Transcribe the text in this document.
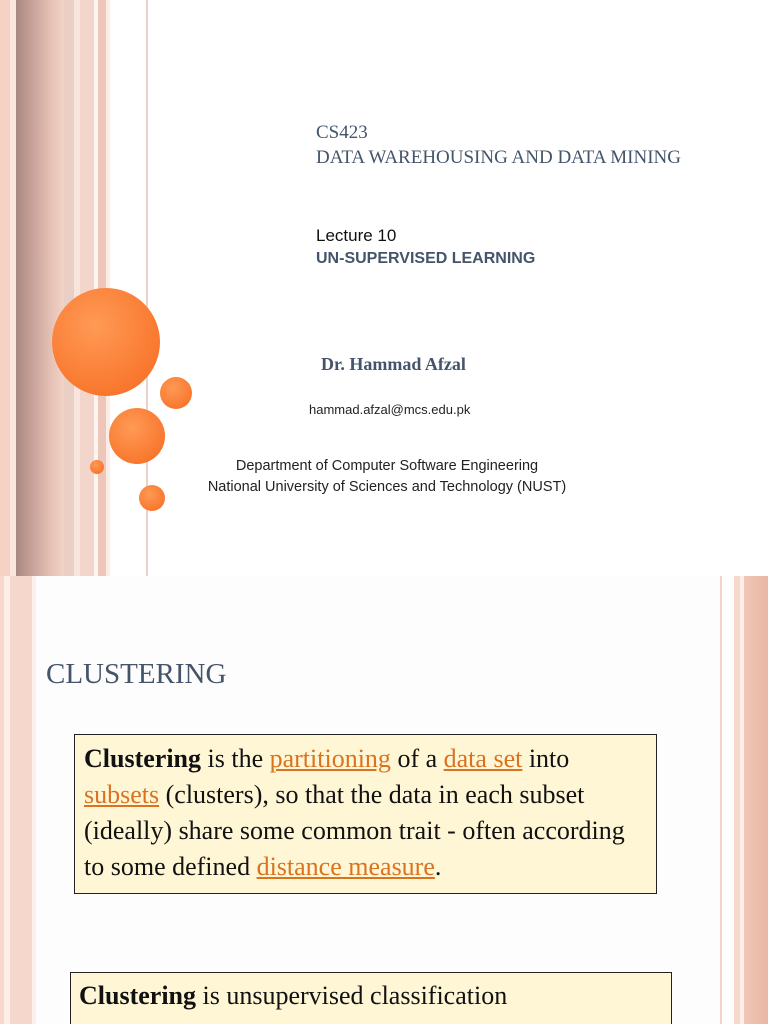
CS423
DATA WAREHOUSING AND DATA MINING
Lecture 10
UN-SUPERVISED LEARNING
Dr. Hammad Afzal
hammad.afzal@mcs.edu.pk
Department of Computer Software Engineering
National University of Sciences and Technology (NUST)
CLUSTERING
Clustering is the partitioning of a data set into subsets (clusters), so that the data in each subset (ideally) share some common trait - often according to some defined distance measure.
Clustering is unsupervised classification
